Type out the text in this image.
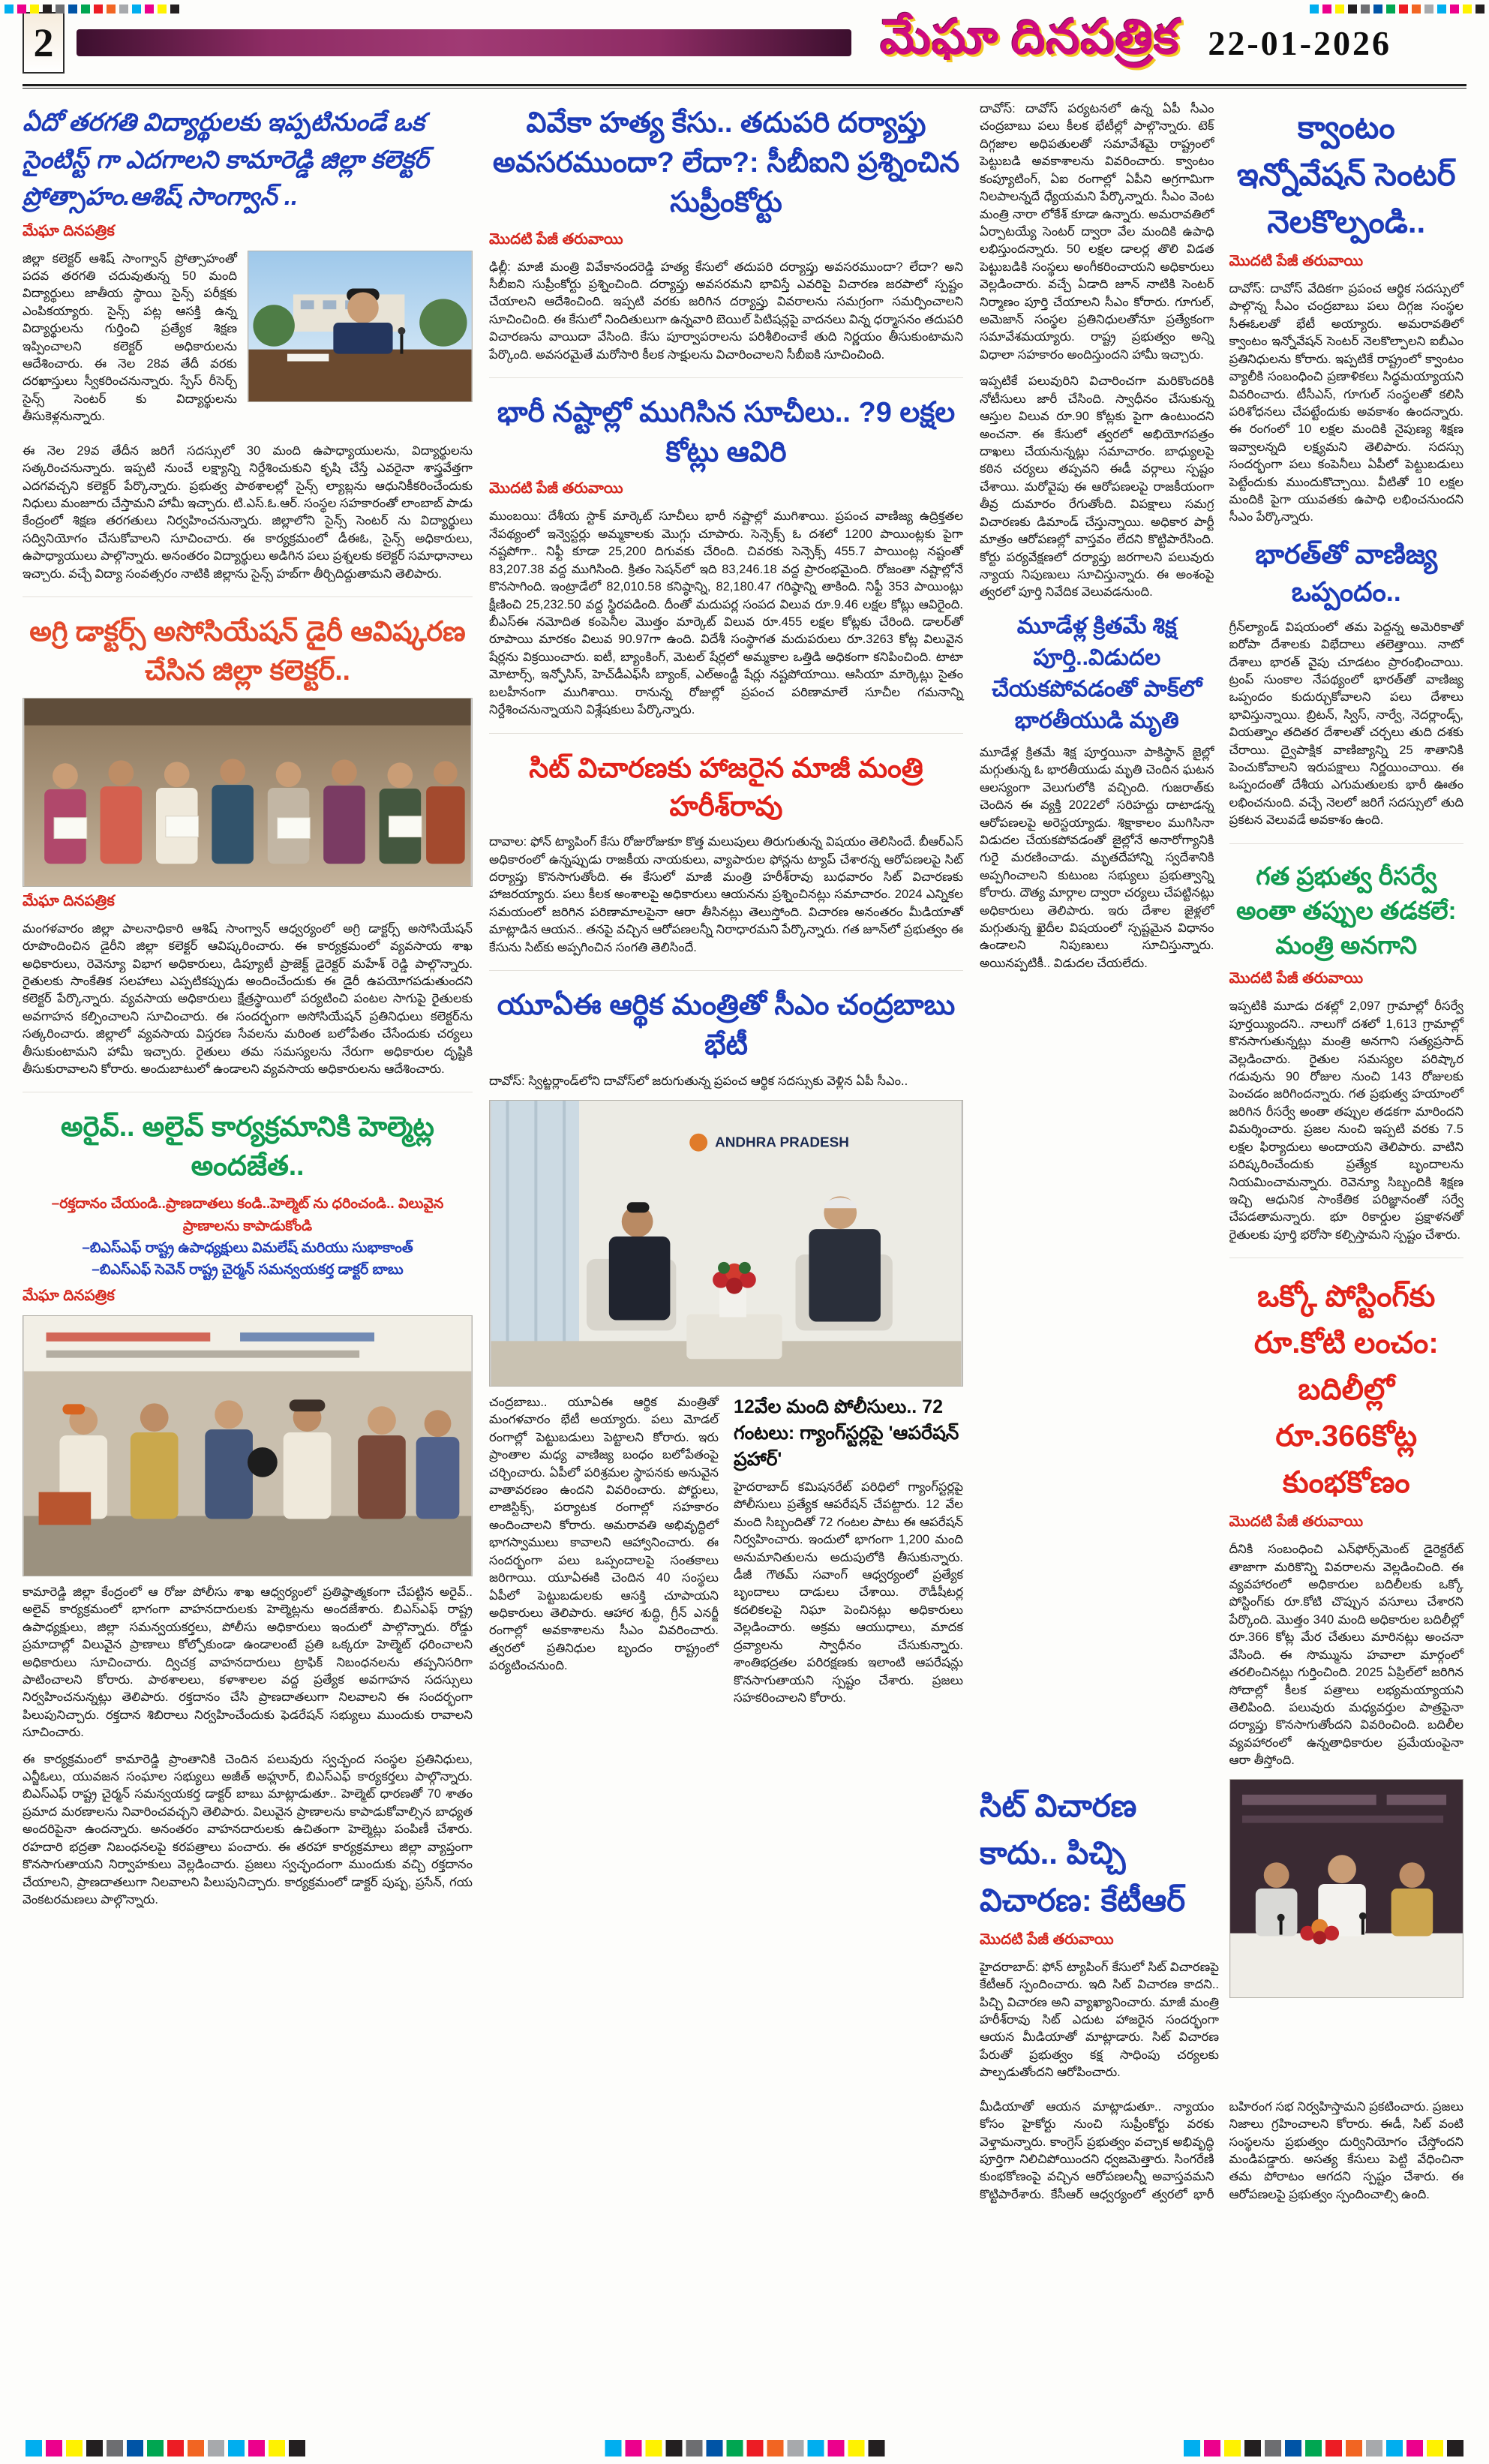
2	మేఘా దినపత్రిక 22-01-2026
ఏదో తరగతి విద్యార్థులకు ఇప్పటినుండే ఒక సైంటిస్ట్ గా ఎదగాలని కామారెడ్డి జిల్లా కలెక్టర్ ప్రోత్సాహం.ఆశిష్ సాంగ్వాన్ ..
మేఘా దినపత్రిక

జిల్లా కలెక్టర్ ఆశిష్ సాంగ్వాన్ ప్రోత్సాహంతో పదవ తరగతి చదువుతున్న 50 మంది విద్యార్థులు జాతీయ స్థాయి సైన్స్ పరీక్షకు ఎంపికయ్యారు. సైన్స్ పట్ల ఆసక్తి ఉన్న విద్యార్థులను గుర్తించి ప్రత్యేక శిక్షణ ఇప్పించాలని కలెక్టర్ అధికారులను ఆదేశించారు. ఈ నెల 28వ తేదీ వరకు దరఖాస్తులు స్వీకరించనున్నారు. స్పేస్ రీసెర్చ్ సైన్స్ సెంటర్ కు విద్యార్థులను తీసుకెళ్లనున్నారు.

ఈ నెల 29వ తేదీన జరిగే సదస్సులో 30 మంది ఉపాధ్యాయులను, విద్యార్థులను సత్కరించనున్నారు. ఇప్పటి నుంచే లక్ష్యాన్ని నిర్దేశించుకుని కృషి చేస్తే ఎవరైనా శాస్త్రవేత్తగా ఎదగవచ్చని కలెక్టర్ పేర్కొన్నారు. ప్రభుత్వ పాఠశాలల్లో సైన్స్ ల్యాబ్లను ఆధునికీకరించేందుకు నిధులు మంజూరు చేస్తామని హామీ ఇచ్చారు. టి.ఎస్.ఓ.ఆర్. సంస్థల సహకారంతో లాంబాబ్ పాడు కేంద్రంలో శిక్షణ తరగతులు నిర్వహించనున్నారు. జిల్లాలోని సైన్స్ సెంటర్ ను విద్యార్థులు సద్వినియోగం చేసుకోవాలని సూచించారు. ఈ కార్యక్రమంలో డీఈఓ, సైన్స్ అధికారులు, ఉపాధ్యాయులు పాల్గొన్నారు. అనంతరం విద్యార్థులు అడిగిన పలు ప్రశ్నలకు కలెక్టర్ సమాధానాలు ఇచ్చారు. వచ్చే విద్యా సంవత్సరం నాటికి జిల్లాను సైన్స్ హబ్‌గా తీర్చిదిద్దుతామని తెలిపారు.

అగ్రి డాక్టర్స్ అసోసియేషన్ డైరీ ఆవిష్కరణ చేసిన జిల్లా కలెక్టర్..
మేఘా దినపత్రిక

మంగళవారం జిల్లా పాలనాధికారి ఆశిష్ సాంగ్వాన్ ఆధ్వర్యంలో అగ్రి డాక్టర్స్ అసోసియేషన్ రూపొందించిన డైరీని జిల్లా కలెక్టర్ ఆవిష్కరించారు. ఈ కార్యక్రమంలో వ్యవసాయ శాఖ అధికారులు, రెవెన్యూ విభాగ అధికారులు, డిప్యూటీ ప్రాజెక్ట్ డైరెక్టర్ మహేశ్ రెడ్డి పాల్గొన్నారు. రైతులకు సాంకేతిక సలహాలు ఎప్పటికప్పుడు అందించేందుకు ఈ డైరీ ఉపయోగపడుతుందని కలెక్టర్ పేర్కొన్నారు. వ్యవసాయ అధికారులు క్షేత్రస్థాయిలో పర్యటించి పంటల సాగుపై రైతులకు అవగాహన కల్పించాలని సూచించారు. ఈ సందర్భంగా అసోసియేషన్ ప్రతినిధులు కలెక్టర్‌ను సత్కరించారు. జిల్లాలో వ్యవసాయ విస్తరణ సేవలను మరింత బలోపేతం చేసేందుకు చర్యలు తీసుకుంటామని హామీ ఇచ్చారు. రైతులు తమ సమస్యలను నేరుగా అధికారుల దృష్టికి తీసుకురావాలని కోరారు. అందుబాటులో ఉండాలని వ్యవసాయ అధికారులను ఆదేశించారు.

అరైవ్.. అలైవ్ కార్యక్రమానికి హెల్మెట్ల అందజేత..
–రక్తదానం చేయండి..ప్రాణదాతలు కండి..హెల్మెట్ ను ధరించండి.. విలువైన ప్రాణాలను కాపాడుకోండి
–బిఎస్ఎఫ్ రాష్ట్ర ఉపాధ్యక్షులు విమలేష్ మరియు సుభాకాంత్
–బిఎస్ఎఫ్ సెవెన్ రాష్ట్ర చైర్మన్ సమన్వయకర్త డాక్టర్ బాబు
మేఘా దినపత్రిక

కామారెడ్డి జిల్లా కేంద్రంలో ఆ రోజు పోలీసు శాఖ ఆధ్వర్యంలో ప్రతిష్ఠాత్మకంగా చేపట్టిన అరైవ్.. అలైవ్ కార్యక్రమంలో భాగంగా వాహనదారులకు హెల్మెట్లను అందజేశారు. బిఎస్ఎఫ్ రాష్ట్ర ఉపాధ్యక్షులు, జిల్లా సమన్వయకర్తలు, పోలీసు అధికారులు ఇందులో పాల్గొన్నారు. రోడ్డు ప్రమాదాల్లో విలువైన ప్రాణాలు కోల్పోకుండా ఉండాలంటే ప్రతి ఒక్కరూ హెల్మెట్ ధరించాలని అధికారులు సూచించారు. ద్విచక్ర వాహనదారులు ట్రాఫిక్ నిబంధనలను తప్పనిసరిగా పాటించాలని కోరారు. పాఠశాలలు, కళాశాలల వద్ద ప్రత్యేక అవగాహన సదస్సులు నిర్వహించనున్నట్లు తెలిపారు. రక్తదానం చేసి ప్రాణదాతలుగా నిలవాలని ఈ సందర్భంగా పిలుపునిచ్చారు. రక్తదాన శిబిరాలు నిర్వహించేందుకు ఫెడరేషన్ సభ్యులు ముందుకు రావాలని సూచించారు.

ఈ కార్యక్రమంలో కామారెడ్డి ప్రాంతానికి చెందిన పలువురు స్వచ్ఛంద సంస్థల ప్రతినిధులు, ఎన్జీఓలు, యువజన సంఘాల సభ్యులు అజీత్ అహ్లూర్, బిఎస్ఎఫ్ కార్యకర్తలు పాల్గొన్నారు. బిఎస్ఎఫ్ రాష్ట్ర చైర్మన్ సమన్వయకర్త డాక్టర్ బాబు మాట్లాడుతూ.. హెల్మెట్ ధారణతో 70 శాతం ప్రమాద మరణాలను నివారించవచ్చని తెలిపారు. విలువైన ప్రాణాలను కాపాడుకోవాల్సిన బాధ్యత అందరిపైనా ఉందన్నారు. అనంతరం వాహనదారులకు ఉచితంగా హెల్మెట్లు పంపిణీ చేశారు. రహదారి భద్రతా నిబంధనలపై కరపత్రాలు పంచారు. ఈ తరహా కార్యక్రమాలు జిల్లా వ్యాప్తంగా కొనసాగుతాయని నిర్వాహకులు వెల్లడించారు. ప్రజలు స్వచ్ఛందంగా ముందుకు వచ్చి రక్తదానం చేయాలని, ప్రాణదాతలుగా నిలవాలని పిలుపునిచ్చారు. కార్యక్రమంలో డాక్టర్ పుష్ప, ప్రసేన్, గయ వెంకటరమణలు పాల్గొన్నారు.

వివేకా హత్య కేసు.. తదుపరి దర్యాప్తు అవసరముందా? లేదా?: సీబీఐని ప్రశ్నించిన సుప్రీంకోర్టు
మొదటి పేజీ తరువాయి

ఢిల్లీ: మాజీ మంత్రి వివేకానందరెడ్డి హత్య కేసులో తదుపరి దర్యాప్తు అవసరముందా? లేదా? అని సీబీఐని సుప్రీంకోర్టు ప్రశ్నించింది. దర్యాప్తు అవసరమని భావిస్తే ఎవరిపై విచారణ జరపాలో స్పష్టం చేయాలని ఆదేశించింది. ఇప్పటి వరకు జరిగిన దర్యాప్తు వివరాలను సమగ్రంగా సమర్పించాలని సూచించింది. ఈ కేసులో నిందితులుగా ఉన్నవారి బెయిల్ పిటిషన్లపై వాదనలు విన్న ధర్మాసనం తదుపరి విచారణను వాయిదా వేసింది. కేసు పూర్వాపరాలను పరిశీలించాకే తుది నిర్ణయం తీసుకుంటామని పేర్కొంది. అవసరమైతే మరోసారి కీలక సాక్షులను విచారించాలని సీబీఐకి సూచించింది.

భారీ నష్టాల్లో ముగిసిన సూచీలు.. ?9 లక్షల కోట్లు ఆవిరి
మొదటి పేజీ తరువాయి

ముంబయి: దేశీయ స్టాక్ మార్కెట్ సూచీలు భారీ నష్టాల్లో ముగిశాయి. ప్రపంచ వాణిజ్య ఉద్రిక్తతల నేపథ్యంలో ఇన్వెస్టర్లు అమ్మకాలకు మొగ్గు చూపారు. సెన్సెక్స్ ఓ దశలో 1200 పాయింట్లకు పైగా నష్టపోగా.. నిఫ్టీ కూడా 25,200 దిగువకు చేరింది. చివరకు సెన్సెక్స్ 455.7 పాయింట్ల నష్టంతో 83,207.38 వద్ద ముగిసింది. క్రితం సెషన్‌లో ఇది 83,246.18 వద్ద ప్రారంభమైంది. రోజంతా నష్టాల్లోనే కొనసాగింది. ఇంట్రాడేలో 82,010.58 కనిష్ఠాన్ని, 82,180.47 గరిష్ఠాన్ని తాకింది. నిఫ్టీ 353 పాయింట్లు క్షీణించి 25,232.50 వద్ద స్థిరపడింది. దీంతో మదుపర్ల సంపద విలువ రూ.9.46 లక్షల కోట్లు ఆవిరైంది. బీఎస్ఈ నమోదిత కంపెనీల మొత్తం మార్కెట్ విలువ రూ.455 లక్షల కోట్లకు చేరింది. డాలర్‌తో రూపాయి మారకం విలువ 90.97గా ఉంది. విదేశీ సంస్థాగత మదుపరులు రూ.3263 కోట్ల విలువైన షేర్లను విక్రయించారు. ఐటీ, బ్యాంకింగ్, మెటల్ షేర్లలో అమ్మకాల ఒత్తిడి అధికంగా కనిపించింది. టాటా మోటార్స్, ఇన్ఫోసిస్, హెచ్‌డీఎఫ్‌సీ బ్యాంక్, ఎల్అండ్టీ షేర్లు నష్టపోయాయి. ఆసియా మార్కెట్లు సైతం బలహీనంగా ముగిశాయి. రానున్న రోజుల్లో ప్రపంచ పరిణామాలే సూచీల గమనాన్ని నిర్దేశించనున్నాయని విశ్లేషకులు పేర్కొన్నారు.

సిట్ విచారణకు హాజరైన మాజీ మంత్రి హరీశ్‌రావు

దావాల: ఫోన్ ట్యాపింగ్ కేసు రోజురోజుకూ కొత్త మలుపులు తిరుగుతున్న విషయం తెలిసిందే. బీఆర్ఎస్ అధికారంలో ఉన్నప్పుడు రాజకీయ నాయకులు, వ్యాపారుల ఫోన్లను ట్యాప్ చేశారన్న ఆరోపణలపై సిట్ దర్యాప్తు కొనసాగుతోంది. ఈ కేసులో మాజీ మంత్రి హరీశ్‌రావు బుధవారం సిట్ విచారణకు హాజరయ్యారు. పలు కీలక అంశాలపై అధికారులు ఆయనను ప్రశ్నించినట్లు సమాచారం. 2024 ఎన్నికల సమయంలో జరిగిన పరిణామాలపైనా ఆరా తీసినట్లు తెలుస్తోంది. విచారణ అనంతరం మీడియాతో మాట్లాడిన ఆయన.. తనపై వచ్చిన ఆరోపణలన్నీ నిరాధారమని పేర్కొన్నారు. గత జూన్‌లో ప్రభుత్వం ఈ కేసును సిట్‌కు అప్పగించిన సంగతి తెలిసిందే.

యూఏఈ ఆర్థిక మంత్రితో సీఎం చంద్రబాబు భేటీ

దావోస్: స్విట్జర్లాండ్‌లోని దావోస్‌లో జరుగుతున్న ప్రపంచ ఆర్థిక సదస్సుకు వెళ్లిన ఏపీ సీఎం..

ANDHRA PRADESH

చంద్రబాబు.. యూఏఈ ఆర్థిక మంత్రితో మంగళవారం భేటీ అయ్యారు. పలు మోడల్ రంగాల్లో పెట్టుబడులు పెట్టాలని కోరారు. ఇరు ప్రాంతాల మధ్య వాణిజ్య బంధం బలోపేతంపై చర్చించారు. ఏపీలో పరిశ్రమల స్థాపనకు అనువైన వాతావరణం ఉందని వివరించారు. పోర్టులు, లాజిస్టిక్స్, పర్యాటక రంగాల్లో సహకారం అందించాలని కోరారు. అమరావతి అభివృద్ధిలో భాగస్వాములు కావాలని ఆహ్వానించారు. ఈ సందర్భంగా పలు ఒప్పందాలపై సంతకాలు జరిగాయి. యూఏఈకి చెందిన 40 సంస్థలు ఏపీలో పెట్టుబడులకు ఆసక్తి చూపాయని అధికారులు తెలిపారు. ఆహార శుద్ధి, గ్రీన్ ఎనర్జీ రంగాల్లో అవకాశాలను సీఎం వివరించారు. త్వరలో ప్రతినిధుల బృందం రాష్ట్రంలో పర్యటించనుంది.

12వేల మంది పోలీసులు.. 72 గంటలు: గ్యాంగ్‌స్టర్లపై 'ఆపరేషన్ ప్రహార్'

హైదరాబాద్ కమిషనరేట్ పరిధిలో గ్యాంగ్‌స్టర్లపై పోలీసులు ప్రత్యేక ఆపరేషన్ చేపట్టారు. 12 వేల మంది సిబ్బందితో 72 గంటల పాటు ఈ ఆపరేషన్ నిర్వహించారు. ఇందులో భాగంగా 1,200 మంది అనుమానితులను అదుపులోకి తీసుకున్నారు. డీజీ గౌతమ్ సవాంగ్ ఆధ్వర్యంలో ప్రత్యేక బృందాలు దాడులు చేశాయి. రౌడీషీటర్ల కదలికలపై నిఘా పెంచినట్లు అధికారులు వెల్లడించారు. అక్రమ ఆయుధాలు, మాదక ద్రవ్యాలను స్వాధీనం చేసుకున్నారు. శాంతిభద్రతల పరిరక్షణకు ఇలాంటి ఆపరేషన్లు కొనసాగుతాయని స్పష్టం చేశారు. ప్రజలు సహకరించాలని కోరారు.

దావోస్: దావోస్ పర్యటనలో ఉన్న ఏపీ సీఎం చంద్రబాబు పలు కీలక భేటీల్లో పాల్గొన్నారు. టెక్ దిగ్గజాల అధిపతులతో సమావేశమై రాష్ట్రంలో పెట్టుబడి అవకాశాలను వివరించారు. క్వాంటం కంప్యూటింగ్, ఏఐ రంగాల్లో ఏపీని అగ్రగామిగా నిలపాలన్నదే ధ్యేయమని పేర్కొన్నారు. సీఎం వెంట మంత్రి నారా లోకేశ్ కూడా ఉన్నారు. అమరావతిలో ఏర్పాటయ్యే సెంటర్ ద్వారా వేల మందికి ఉపాధి లభిస్తుందన్నారు. 50 లక్షల డాలర్ల తొలి విడత పెట్టుబడికి సంస్థలు అంగీకరించాయని అధికారులు వెల్లడించారు. వచ్చే ఏడాది జూన్ నాటికి సెంటర్ నిర్మాణం పూర్తి చేయాలని సీఎం కోరారు. గూగుల్, అమెజాన్ సంస్థల ప్రతినిధులతోనూ ప్రత్యేకంగా సమావేశమయ్యారు. రాష్ట్ర ప్రభుత్వం అన్ని విధాలా సహకారం అందిస్తుందని హామీ ఇచ్చారు.

ఇప్పటికే పలువురిని విచారించగా మరికొందరికి నోటీసులు జారీ చేసింది. స్వాధీనం చేసుకున్న ఆస్తుల విలువ రూ.90 కోట్లకు పైగా ఉంటుందని అంచనా. ఈ కేసులో త్వరలో అభియోగపత్రం దాఖలు చేయనున్నట్లు సమాచారం. బాధ్యులపై కఠిన చర్యలు తప్పవని ఈడీ వర్గాలు స్పష్టం చేశాయి. మరోవైపు ఈ ఆరోపణలపై రాజకీయంగా తీవ్ర దుమారం రేగుతోంది. విపక్షాలు సమగ్ర విచారణకు డిమాండ్ చేస్తున్నాయి. అధికార పార్టీ మాత్రం ఆరోపణల్లో వాస్తవం లేదని కొట్టిపారేసింది. కోర్టు పర్యవేక్షణలో దర్యాప్తు జరగాలని పలువురు న్యాయ నిపుణులు సూచిస్తున్నారు. ఈ అంశంపై త్వరలో పూర్తి నివేదిక వెలువడనుంది.

మూడేళ్ల క్రితమే శిక్ష పూర్తి..విడుదల చేయకపోవడంతో పాక్‌లో భారతీయుడి మృతి

మూడేళ్ల క్రితమే శిక్ష పూర్తయినా పాకిస్థాన్ జైల్లో మగ్గుతున్న ఓ భారతీయుడు మృతి చెందిన ఘటన ఆలస్యంగా వెలుగులోకి వచ్చింది. గుజరాత్‌కు చెందిన ఈ వ్యక్తి 2022లో సరిహద్దు దాటాడన్న ఆరోపణలపై అరెస్టయ్యాడు. శిక్షాకాలం ముగిసినా విడుదల చేయకపోవడంతో జైల్లోనే అనారోగ్యానికి గురై మరణించాడు. మృతదేహాన్ని స్వదేశానికి అప్పగించాలని కుటుంబ సభ్యులు ప్రభుత్వాన్ని కోరారు. దౌత్య మార్గాల ద్వారా చర్యలు చేపట్టినట్లు అధికారులు తెలిపారు. ఇరు దేశాల జైళ్లలో మగ్గుతున్న ఖైదీల విషయంలో స్పష్టమైన విధానం ఉండాలని నిపుణులు సూచిస్తున్నారు. అయినప్పటికీ.. విడుదల చేయలేదు.

క్వాంటం ఇన్నోవేషన్ సెంటర్ నెలకొల్పండి..
మొదటి పేజీ తరువాయి

దావోస్: దావోస్ వేదికగా ప్రపంచ ఆర్థిక సదస్సులో పాల్గొన్న సీఎం చంద్రబాబు పలు దిగ్గజ సంస్థల సీఈఓలతో భేటీ అయ్యారు. అమరావతిలో క్వాంటం ఇన్నోవేషన్ సెంటర్ నెలకొల్పాలని ఐబీఎం ప్రతినిధులను కోరారు. ఇప్పటికే రాష్ట్రంలో క్వాంటం వ్యాలీకి సంబంధించి ప్రణాళికలు సిద్ధమయ్యాయని వివరించారు. టీసీఎస్, గూగుల్ సంస్థలతో కలిసి పరిశోధనలు చేపట్టేందుకు అవకాశం ఉందన్నారు. ఈ రంగంలో 10 లక్షల మందికి నైపుణ్య శిక్షణ ఇవ్వాలన్నది లక్ష్యమని తెలిపారు. సదస్సు సందర్భంగా పలు కంపెనీలు ఏపీలో పెట్టుబడులు పెట్టేందుకు ముందుకొచ్చాయి. వీటితో 10 లక్షల మందికి పైగా యువతకు ఉపాధి లభించనుందని సీఎం పేర్కొన్నారు.

భారత్‌తో వాణిజ్య ఒప్పందం..

గ్రీన్‌ల్యాండ్ విషయంలో తమ పెద్దన్న అమెరికాతో ఐరోపా దేశాలకు విభేదాలు తలెత్తాయి. నాటో దేశాలు భారత్ వైపు చూడటం ప్రారంభించాయి. ట్రంప్ సుంకాల నేపథ్యంలో భారత్‌తో వాణిజ్య ఒప్పందం కుదుర్చుకోవాలని పలు దేశాలు భావిస్తున్నాయి. బ్రిటన్, స్విస్, నార్వే, నెదర్లాండ్స్, వియత్నాం తదితర దేశాలతో చర్చలు తుది దశకు చేరాయి. ద్వైపాక్షిక వాణిజ్యాన్ని 25 శాతానికి పెంచుకోవాలని ఇరుపక్షాలు నిర్ణయించాయి. ఈ ఒప్పందంతో దేశీయ ఎగుమతులకు భారీ ఊతం లభించనుంది. వచ్చే నెలలో జరిగే సదస్సులో తుది ప్రకటన వెలువడే అవకాశం ఉంది.

గత ప్రభుత్వ రీసర్వే అంతా తప్పుల తడకలే: మంత్రి అనగాని
మొదటి పేజీ తరువాయి

ఇప్పటికి మూడు దశల్లో 2,097 గ్రామాల్లో రీసర్వే పూర్తయ్యిందని.. నాలుగో దశలో 1,613 గ్రామాల్లో కొనసాగుతున్నట్లు మంత్రి అనగాని సత్యప్రసాద్ వెల్లడించారు. రైతుల సమస్యల పరిష్కార గడువును 90 రోజుల నుంచి 143 రోజులకు పెంచడం జరిగిందన్నారు. గత ప్రభుత్వ హయాంలో జరిగిన రీసర్వే అంతా తప్పుల తడకగా మారిందని విమర్శించారు. ప్రజల నుంచి ఇప్పటి వరకు 7.5 లక్షల ఫిర్యాదులు అందాయని తెలిపారు. వాటిని పరిష్కరించేందుకు ప్రత్యేక బృందాలను నియమించామన్నారు. రెవెన్యూ సిబ్బందికి శిక్షణ ఇచ్చి ఆధునిక సాంకేతిక పరిజ్ఞానంతో సర్వే చేపడతామన్నారు. భూ రికార్డుల ప్రక్షాళనతో రైతులకు పూర్తి భరోసా కల్పిస్తామని స్పష్టం చేశారు.

ఒక్కో పోస్టింగ్‌కు రూ.కోటి లంచం: బదిలీల్లో రూ.366కోట్ల కుంభకోణం
మొదటి పేజీ తరువాయి

దీనికి సంబంధించి ఎన్‌ఫోర్స్‌మెంట్ డైరెక్టరేట్ తాజాగా మరికొన్ని వివరాలను వెల్లడించింది. ఈ వ్యవహారంలో అధికారుల బదిలీలకు ఒక్కో పోస్టింగ్‌కు రూ.కోటి చొప్పున వసూలు చేశారని పేర్కొంది. మొత్తం 340 మంది అధికారుల బదిలీల్లో రూ.366 కోట్ల మేర చేతులు మారినట్లు అంచనా వేసింది. ఈ సొమ్మును హవాలా మార్గంలో తరలించినట్లు గుర్తించింది. 2025 ఏప్రిల్‌లో జరిగిన సోదాల్లో కీలక పత్రాలు లభ్యమయ్యాయని తెలిపింది. పలువురు మధ్యవర్తుల పాత్రపైనా దర్యాప్తు కొనసాగుతోందని వివరించింది. బదిలీల వ్యవహారంలో ఉన్నతాధికారుల ప్రమేయంపైనా ఆరా తీస్తోంది.

సిట్ విచారణ కాదు.. పిచ్చి విచారణ: కేటీఆర్
మొదటి పేజీ తరువాయి

హైదరాబాద్: ఫోన్ ట్యాపింగ్ కేసులో సిట్ విచారణపై కేటీఆర్ స్పందించారు. ఇది సిట్ విచారణ కాదని.. పిచ్చి విచారణ అని వ్యాఖ్యానించారు. మాజీ మంత్రి హరీశ్‌రావు సిట్ ఎదుట హాజరైన సందర్భంగా ఆయన మీడియాతో మాట్లాడారు. సిట్ విచారణ పేరుతో ప్రభుత్వం కక్ష సాధింపు చర్యలకు పాల్పడుతోందని ఆరోపించారు.

మీడియాతో ఆయన మాట్లాడుతూ.. న్యాయం కోసం హైకోర్టు నుంచి సుప్రీంకోర్టు వరకు వెళ్తామన్నారు. కాంగ్రెస్ ప్రభుత్వం వచ్చాక అభివృద్ధి పూర్తిగా నిలిచిపోయిందని ధ్వజమెత్తారు. సింగరేణి కుంభకోణంపై వచ్చిన ఆరోపణలన్నీ అవాస్తవమని కొట్టిపారేశారు. కేసీఆర్ ఆధ్వర్యంలో త్వరలో భారీ బహిరంగ సభ నిర్వహిస్తామని ప్రకటించారు. ప్రజలు నిజాలు గ్రహించాలని కోరారు. ఈడీ, సిట్ వంటి సంస్థలను ప్రభుత్వం దుర్వినియోగం చేస్తోందని మండిపడ్డారు. అసత్య కేసులు పెట్టి వేధించినా తమ పోరాటం ఆగదని స్పష్టం చేశారు. ఈ ఆరోపణలపై ప్రభుత్వం స్పందించాల్సి ఉంది.
